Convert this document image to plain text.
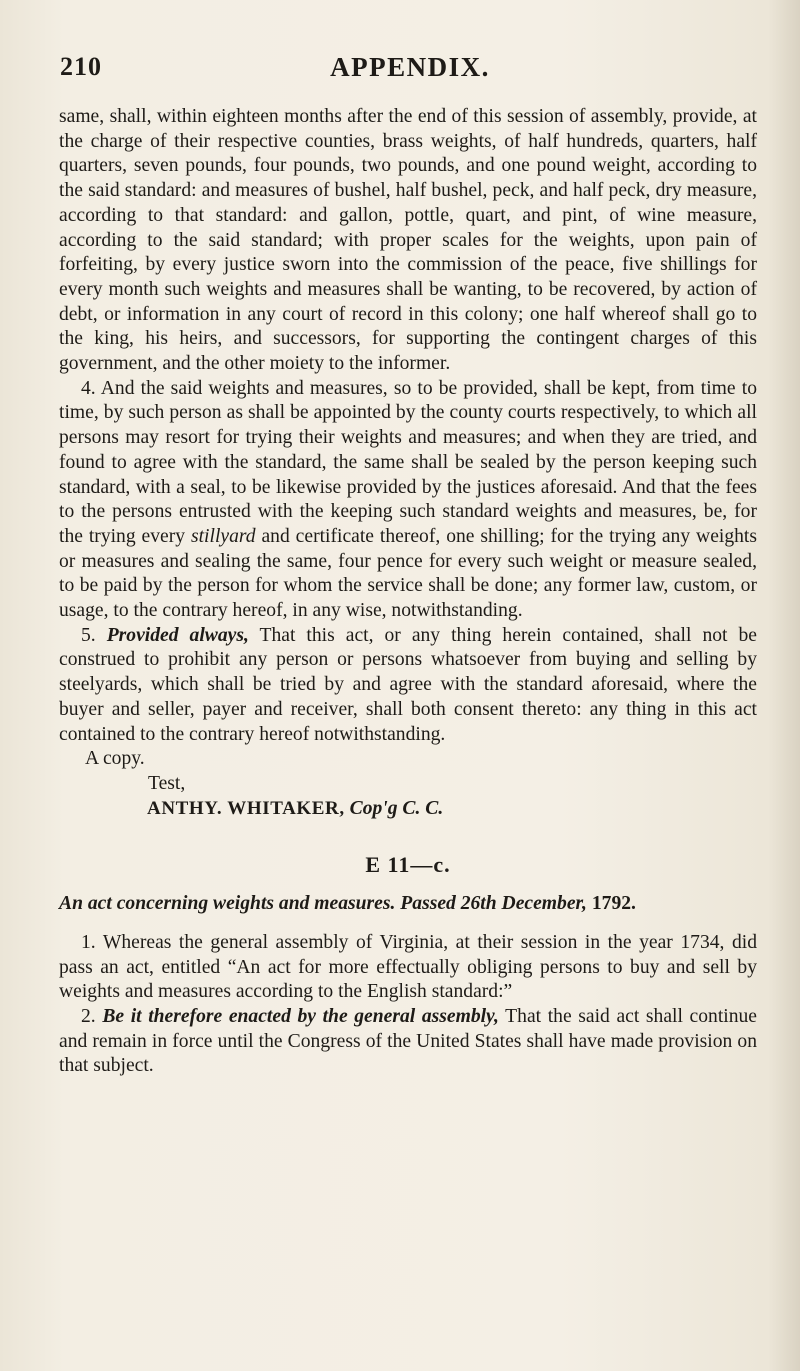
210	APPENDIX.

same, shall, within eighteen months after the end of this session of assembly, provide, at the charge of their respective counties, brass weights, of half hundreds, quarters, half quarters, seven pounds, four pounds, two pounds, and one pound weight, according to the said standard: and measures of bushel, half bushel, peck, and half peck, dry measure, according to that standard: and gallon, pottle, quart, and pint, of wine measure, according to the said standard; with proper scales for the weights, upon pain of forfeiting, by every justice sworn into the commission of the peace, five shillings for every month such weights and measures shall be wanting, to be recovered, by action of debt, or information in any court of record in this colony; one half whereof shall go to the king, his heirs, and successors, for supporting the contingent charges of this government, and the other moiety to the informer.

4. And the said weights and measures, so to be provided, shall be kept, from time to time, by such person as shall be appointed by the county courts respectively, to which all persons may resort for trying their weights and measures; and when they are tried, and found to agree with the standard, the same shall be sealed by the person keeping such standard, with a seal, to be likewise provided by the justices aforesaid. And that the fees to the persons entrusted with the keeping such standard weights and measures, be, for the trying every stillyard and certificate thereof, one shilling; for the trying any weights or measures and sealing the same, four pence for every such weight or measure sealed, to be paid by the person for whom the service shall be done; any former law, custom, or usage, to the contrary hereof, in any wise, notwithstanding.

5. Provided always, That this act, or any thing herein contained, shall not be construed to prohibit any person or persons whatsoever from buying and selling by steelyards, which shall be tried by and agree with the standard aforesaid, where the buyer and seller, payer and receiver, shall both consent thereto: any thing in this act contained to the contrary hereof notwithstanding.

A copy.

Test,

ANTHY. WHITAKER, Cop'g C. C.

E 11—c.

An act concerning weights and measures. Passed 26th December, 1792.

1. Whereas the general assembly of Virginia, at their session in the year 1734, did pass an act, entitled “An act for more effectually obliging persons to buy and sell by weights and measures according to the English standard:”

2. Be it therefore enacted by the general assembly, That the said act shall continue and remain in force until the Congress of the United States shall have made provision on that subject.
